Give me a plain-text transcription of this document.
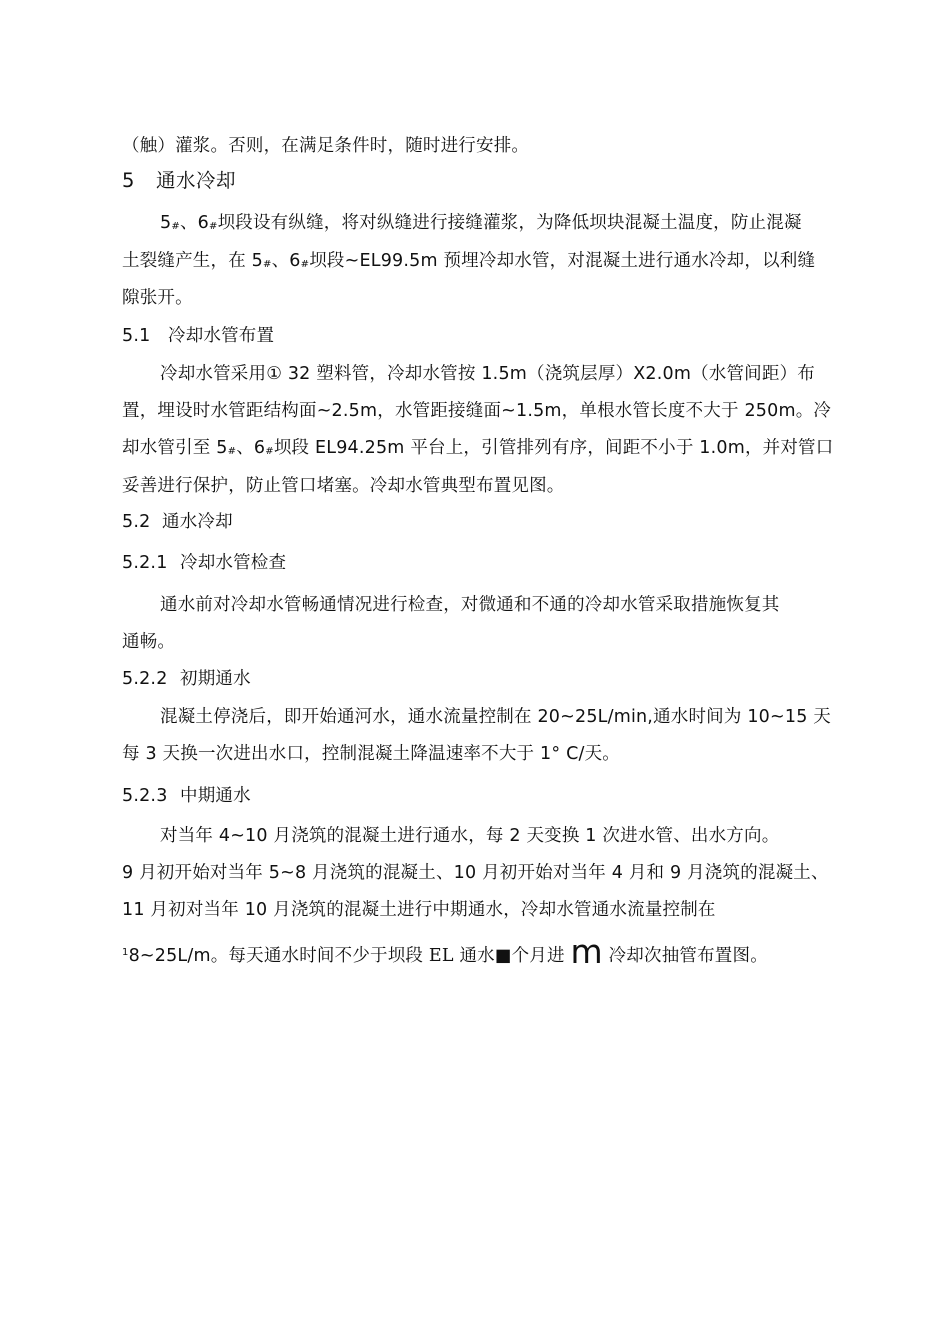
（触）灌浆。否则，在满足条件时，随时进行安排。
5 通水冷却
5#、6#坝段设有纵缝，将对纵缝进行接缝灌浆，为降低坝块混凝土温度，防止混凝
土裂缝产生，在 5#、6#坝段~EL99.5m 预埋冷却水管，对混凝土进行通水冷却，以利缝
隙张开。
5.1 冷却水管布置
冷却水管采用① 32 塑料管，冷却水管按 1.5m（浇筑层厚）X2.0m（水管间距）布
置，埋设时水管距结构面~2.5m，水管距接缝面~1.5m，单根水管长度不大于 250m。冷
却水管引至 5#、6#坝段 EL94.25m 平台上，引管排列有序，间距不小于 1.0m，并对管口
妥善进行保护，防止管口堵塞。冷却水管典型布置见图。
5.2 通水冷却
5.2.1 冷却水管检查
通水前对冷却水管畅通情况进行检查，对微通和不通的冷却水管采取措施恢复其
通畅。
5.2.2 初期通水
混凝土停浇后，即开始通河水，通水流量控制在 20~25L/min,通水时间为 10~15 天
每 3 天换一次进出水口，控制混凝土降温速率不大于 1° C/天。
5.2.3 中期通水
对当年 4~10 月浇筑的混凝土进行通水，每 2 天变换 1 次进水管、出水方向。
9 月初开始对当年 5~8 月浇筑的混凝土、10 月初开始对当年 4 月和 9 月浇筑的混凝土、
11 月初对当年 10 月浇筑的混凝土进行中期通水，冷却水管通水流量控制在
$^1$8~25L/m。每天通水时间不少于坝段 EL 通水■个月进 m 冷却次抽管布置图。
